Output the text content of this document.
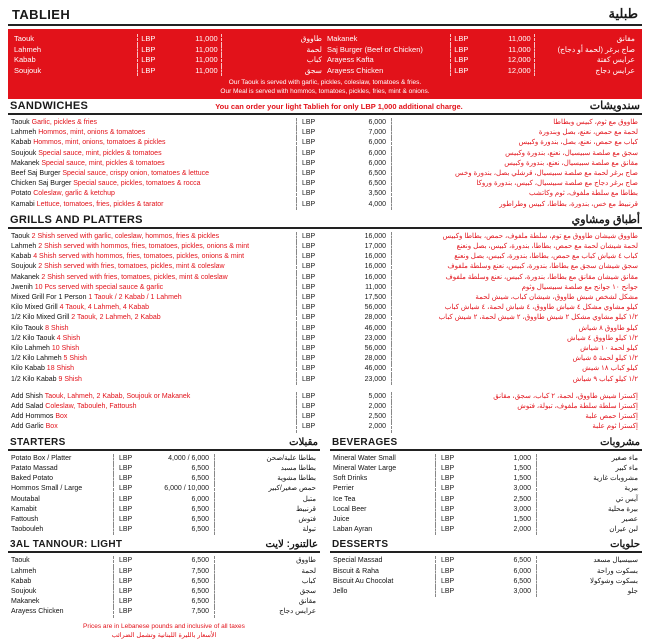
TABLIEH	طبلية
Taouk	LBP	11,000	طاووق
Lahmeh	LBP	11,000	لحمة
Kabab	LBP	11,000	كباب
Soujouk	LBP	11,000	سجق
Makanek	LBP	11,000	مقانق
Saj Burger (Beef or Chicken)	LBP	11,000	صاج برغر (لحمة أو دجاج)
Arayess Kafta	LBP	12,000	عرايس كفتة
Arayess Chicken	LBP	12,000	عرايس دجاج
Our Taouk is served with garlic, pickles, coleslaw, tomatoes & fries.
Our Meal is served with hommos, tomatoes, pickles, fries, mint & onions.
SANDWICHES	You can order your light Tablieh for only LBP 1,000 additional charge.	سندويشات
Taouk Garlic, pickles & fries	LBP	6,000	طاووق مع ثوم، كبيس وبطاطا
Lahmeh Hommos, mint, onions & tomatoes	LBP	7,000	لحمة مع حمص، نعنع، بصل وبندورة
Kabab Hommos, mint, onions, tomatoes & pickles	LBP	6,000	كباب مع حمص، نعنع، بصل، بندورة وكبيس
Soujouk Special sauce, mint, pickles & tomatoes	LBP	6,000	سجق مع صلصة سبيسيال، نعنع، بندورة وكبيس
Makanek Special sauce, mint, pickles & tomatoes	LBP	6,000	مقانق مع صلصة سبيسيال، نعنع، بندورة وكبيس
Beef Saj Burger Special sauce, crispy onion, tomatoes & lettuce	LBP	6,500	صاج برغر لحمة مع صلصة سبيسيال، قرشلي بصل، بندورة وخس
Chicken Saj Burger Special sauce, pickles, tomatoes & rocca	LBP	6,500	صاج برغر دجاج مع صلصة سبيسيال، كبيس، بندورة وروكا
Potato Coleslaw, garlic & ketchup	LBP	3,500	بطاطا مع سلطة ملفوف، ثوم وكاتشب
Kamabi Lettuce, tomatoes, fries, pickles & tarator	LBP	4,000	قرنبيط مع خس، بندورة، بطاطا، كبيس وطراطور
GRILLS AND PLATTERS	أطباق ومشاوي
Taouk 2 Shish served with garlic, coleslaw, hommos, fries & pickles	LBP	16,000	طاووق شيشان طاووق مع توم، سلطة ملفوف، حمص، بطاطا وكبيس
Lahmeh 2 Shish served with hommos, fries, tomatoes, pickles, onions & mint	LBP	17,000	لحمة شيشان لحمة مع حمص، بطاطا، بندورة، كبيس، بصل ونعنع
Kabab 4 Shish served with hommos, fries, tomatoes, pickles, onions & mint	LBP	16,000	كباب ٤ شياش كباب مع حمص، بطاطا، بندورة، كبيس، بصل ونعنع
Soujouk 2 Shish served with fries, tomatoes, pickles, mint & coleslaw	LBP	16,000	سجق شيشان سجق مع بطاطا، بندورة، كبيس، نعنع وسلطة ملفوف
Makanek 2 Shish served with fries, tomatoes, pickles, mint & coleslaw	LBP	16,000	مقانق شيشان مقانق مع بطاطا، بندورة، كبيس، نعنع وسلطة ملفوف
Jwenih 10 Pcs served with special sauce & garlic	LBP	11,000	جوانح ١٠ جوانح مع صلصة سبيسيال وثوم
Mixed Grill For 1 Person 1 Taouk / 2 Kabab / 1 Lahmeh	LBP	17,500	مشكل لشخص شيش طاووق، شيشان كباب، شيش لحمة
Kilo Mixed Grill 4 Taouk, 4 Lahmeh, 4 Kabab	LBP	56,000	كيلو مشاوي مشكل ٤ شياش طاووق، ٤ شياش لحمة، ٤ شياش كباب
1/2 Kilo Mixed Grill 2 Taouk, 2 Lahmeh, 2 Kabab	LBP	28,000	١/٢ كيلو مشاوي مشكل ٢ شيش طاووق، ٢ شيش لحمة، ٢ شيش كباب
Kilo Taouk 8 Shish	LBP	46,000	كيلو طاووق ٨ شياش
1/2 Kilo Taouk 4 Shish	LBP	23,000	١/٢ كيلو طاووق ٤ شياش
Kilo Lahmeh 10 Shish	LBP	56,000	كيلو لحمة ١٠ شياش
1/2 Kilo Lahmeh 5 Shish	LBP	28,000	١/٢ كيلو لحمة ٥ شياش
Kilo Kabab 18 Shish	LBP	46,000	كيلو كباب ١٨ شيش
1/2 Kilo Kabab 9 Shish	LBP	23,000	١/٢ كيلو كباب ٩ شياش
Add Shish Taouk, Lahmeh, 2 Kabab, Soujouk or Makanek	LBP	5,000	إكسترا شيش طاووق، لحمة، ٢ كباب، سجق، مقانق
Add Salad Coleslaw, Tabouleh, Fattoush	LBP	2,000	إكسترا سلطة سلطة ملفوف، تبولة، فتوش
Add Hommos Box	LBP	2,500	إكسترا حمص علبة
Add Garlic Box	LBP	2,000	إكسترا ثوم علبة
STARTERS	مقبلات
Potato Box / Platter	LBP	4,000 / 6,000	بطاطا علبة/صحن
Patato Massad	LBP	6,500	بطاطا مسبد
Baked Potato	LBP	6,500	بطاطا مشوية
Hommos Small / Large	LBP	6,000 / 10,000	حمص صغير/كبير
Moutabal	LBP	6,000	متبل
Kamabit	LBP	6,500	قرنبيط
Fattoush	LBP	6,500	فتوش
Taobouleh	LBP	6,500	تبولة
3AL TANNOUR: LIGHT	عالتنور: لايت
Taouk	LBP	6,500	طاووق
Lahmeh	LBP	7,500	لحمة
Kabab	LBP	6,500	كباب
Soujouk	LBP	6,500	سجق
Makanek	LBP	6,500	مقانق
Arayess Chicken	LBP	7,500	عرايس دجاج
Prices are in Lebanese pounds and inclusive of all taxes
الأسعار بالليرة اللبنانية وتشمل الضرائب
BEVERAGES	مشروبات
Mineral Water Small	LBP	1,000	ماء صغير
Mineral Water Large	LBP	1,500	ماء كبير
Soft Drinks	LBP	1,500	مشروبات غازية
Perrier	LBP	3,000	بيرية
Ice Tea	LBP	2,500	آيس تي
Local Beer	LBP	3,000	بيرة محلية
Juice	LBP	1,500	عصير
Laban Ayran	LBP	2,000	لبن عيران
DESSERTS	حلويات
Special Massad	LBP	6,500	سبيسيال مسعد
Biscuit & Raha	LBP	6,000	بسكوت وراحة
Biscuit Au Chocolat	LBP	6,500	بسكوت وشوكولا
Jello	LBP	3,000	جلو
